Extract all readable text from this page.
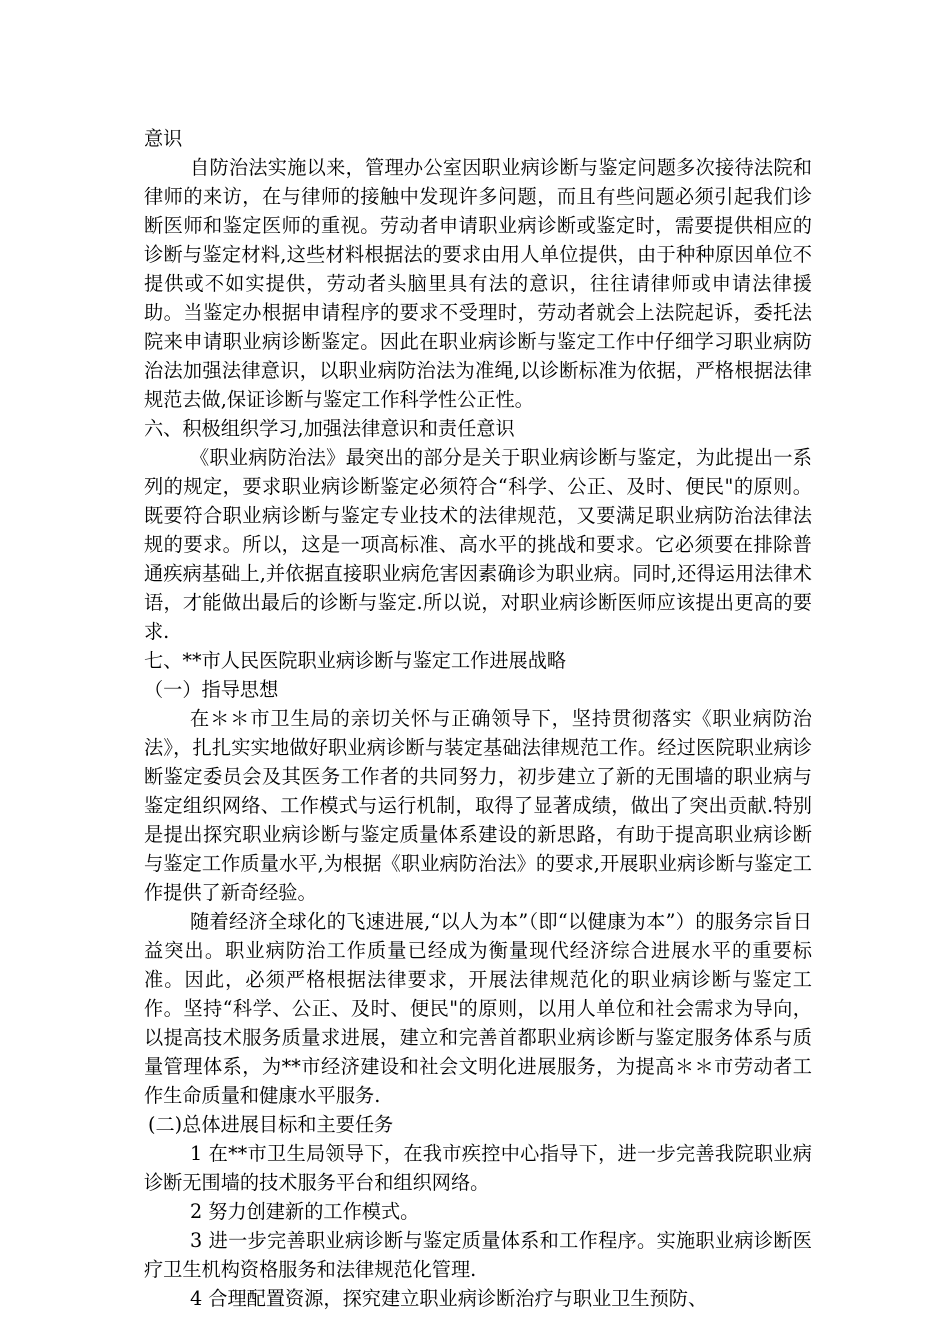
意识

自防治法实施以来，管理办公室因职业病诊断与鉴定问题多次接待法院和律师的来访，在与律师的接触中发现许多问题，而且有些问题必须引起我们诊断医师和鉴定医师的重视。劳动者申请职业病诊断或鉴定时，需要提供相应的诊断与鉴定材料,这些材料根据法的要求由用人单位提供，由于种种原因单位不提供或不如实提供，劳动者头脑里具有法的意识，往往请律师或申请法律援助。当鉴定办根据申请程序的要求不受理时，劳动者就会上法院起诉，委托法院来申请职业病诊断鉴定。因此在职业病诊断与鉴定工作中仔细学习职业病防治法加强法律意识，以职业病防治法为准绳,以诊断标准为依据，严格根据法律规范去做,保证诊断与鉴定工作科学性公正性。

六、积极组织学习,加强法律意识和责任意识

《职业病防治法》最突出的部分是关于职业病诊断与鉴定，为此提出一系列的规定，要求职业病诊断鉴定必须符合“科学、公正、及时、便民"的原则。既要符合职业病诊断与鉴定专业技术的法律规范，又要满足职业病防治法律法规的要求。所以，这是一项高标准、高水平的挑战和要求。它必须要在排除普通疾病基础上,并依据直接职业病危害因素确诊为职业病。同时,还得运用法律术语，才能做出最后的诊断与鉴定.所以说，对职业病诊断医师应该提出更高的要求.

七、**市人民医院职业病诊断与鉴定工作进展战略

（一）指导思想

在＊＊市卫生局的亲切关怀与正确领导下，坚持贯彻落实《职业病防治法》，扎扎实实地做好职业病诊断与装定基础法律规范工作。经过医院职业病诊断鉴定委员会及其医务工作者的共同努力，初步建立了新的无围墙的职业病与鉴定组织网络、工作模式与运行机制，取得了显著成绩，做出了突出贡献.特别是提出探究职业病诊断与鉴定质量体系建设的新思路，有助于提高职业病诊断与鉴定工作质量水平,为根据《职业病防治法》的要求,开展职业病诊断与鉴定工作提供了新奇经验。

随着经济全球化的飞速进展,“以人为本”（即“以健康为本”）的服务宗旨日益突出。职业病防治工作质量已经成为衡量现代经济综合进展水平的重要标准。因此，必须严格根据法律要求，开展法律规范化的职业病诊断与鉴定工作。坚持“科学、公正、及时、便民"的原则，以用人单位和社会需求为导向，以提高技术服务质量求进展，建立和完善首都职业病诊断与鉴定服务体系与质量管理体系，为**市经济建设和社会文明化进展服务，为提高＊＊市劳动者工作生命质量和健康水平服务.

(二)总体进展目标和主要任务

1 在**市卫生局领导下，在我市疾控中心指导下，进一步完善我院职业病诊断无围墙的技术服务平台和组织网络。

2 努力创建新的工作模式。

3 进一步完善职业病诊断与鉴定质量体系和工作程序。实施职业病诊断医疗卫生机构资格服务和法律规范化管理.

4 合理配置资源，探究建立职业病诊断治疗与职业卫生预防、
